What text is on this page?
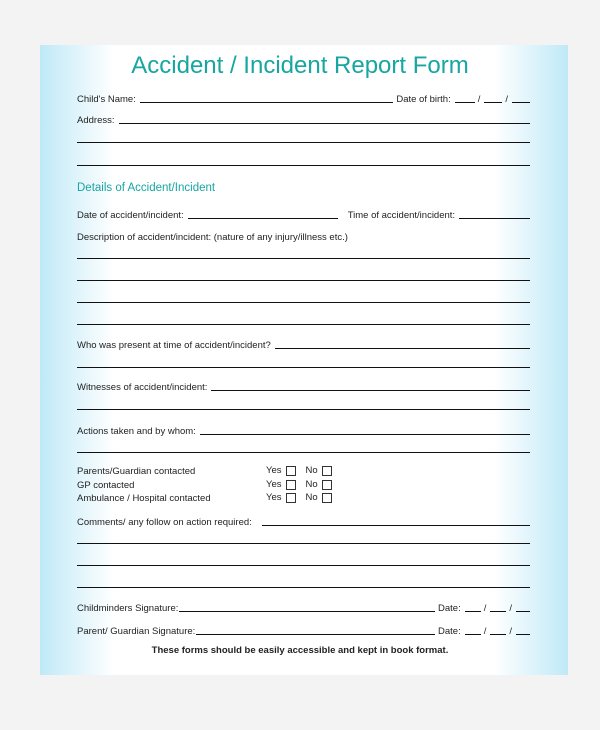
Accident / Incident Report Form
Child's Name:	Date of birth:	/	/
Address:
Details of Accident/Incident
Date of accident/incident:	Time of accident/incident:
Description of accident/incident: (nature of any injury/illness etc.)
Who was present at time of accident/incident?
Witnesses of accident/incident:
Actions taken and by whom:
Parents/Guardian contacted	Yes	No
GP contacted	Yes	No
Ambulance / Hospital contacted	Yes	No
Comments/ any follow on action required:
Childminders Signature:	Date: / /
Parent/ Guardian Signature:	Date: / /
These forms should be easily accessible and kept in book format.
